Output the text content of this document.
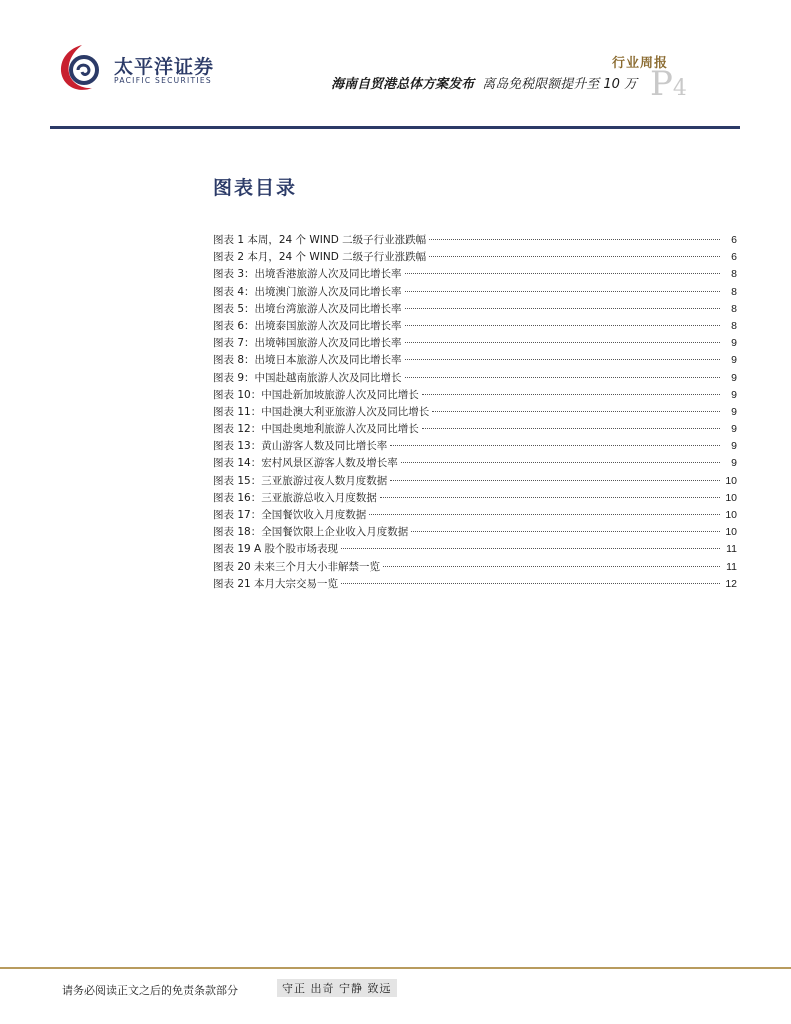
太平洋证券
PACIFIC SECURITIES
行业周报
海南自贸港总体方案发布 离岛免税限额提升至 10 万 P4
图表目录
图表 1 本周，24 个 WIND 二级子行业涨跌幅	6
图表 2 本月，24 个 WIND 二级子行业涨跌幅	6
图表 3：出境香港旅游人次及同比增长率	8
图表 4：出境澳门旅游人次及同比增长率	8
图表 5：出境台湾旅游人次及同比增长率	8
图表 6：出境泰国旅游人次及同比增长率	8
图表 7：出境韩国旅游人次及同比增长率	9
图表 8：出境日本旅游人次及同比增长率	9
图表 9：中国赴越南旅游人次及同比增长	9
图表 10：中国赴新加坡旅游人次及同比增长	9
图表 11：中国赴澳大利亚旅游人次及同比增长	9
图表 12：中国赴奥地利旅游人次及同比增长	9
图表 13：黄山游客人数及同比增长率	9
图表 14：宏村风景区游客人数及增长率	9
图表 15：三亚旅游过夜人数月度数据	10
图表 16：三亚旅游总收入月度数据	10
图表 17：全国餐饮收入月度数据	10
图表 18：全国餐饮限上企业收入月度数据	10
图表 19 A 股个股市场表现	11
图表 20 未来三个月大小非解禁一览	11
图表 21 本月大宗交易一览	12
请务必阅读正文之后的免责条款部分	守正 出奇 宁静 致远
